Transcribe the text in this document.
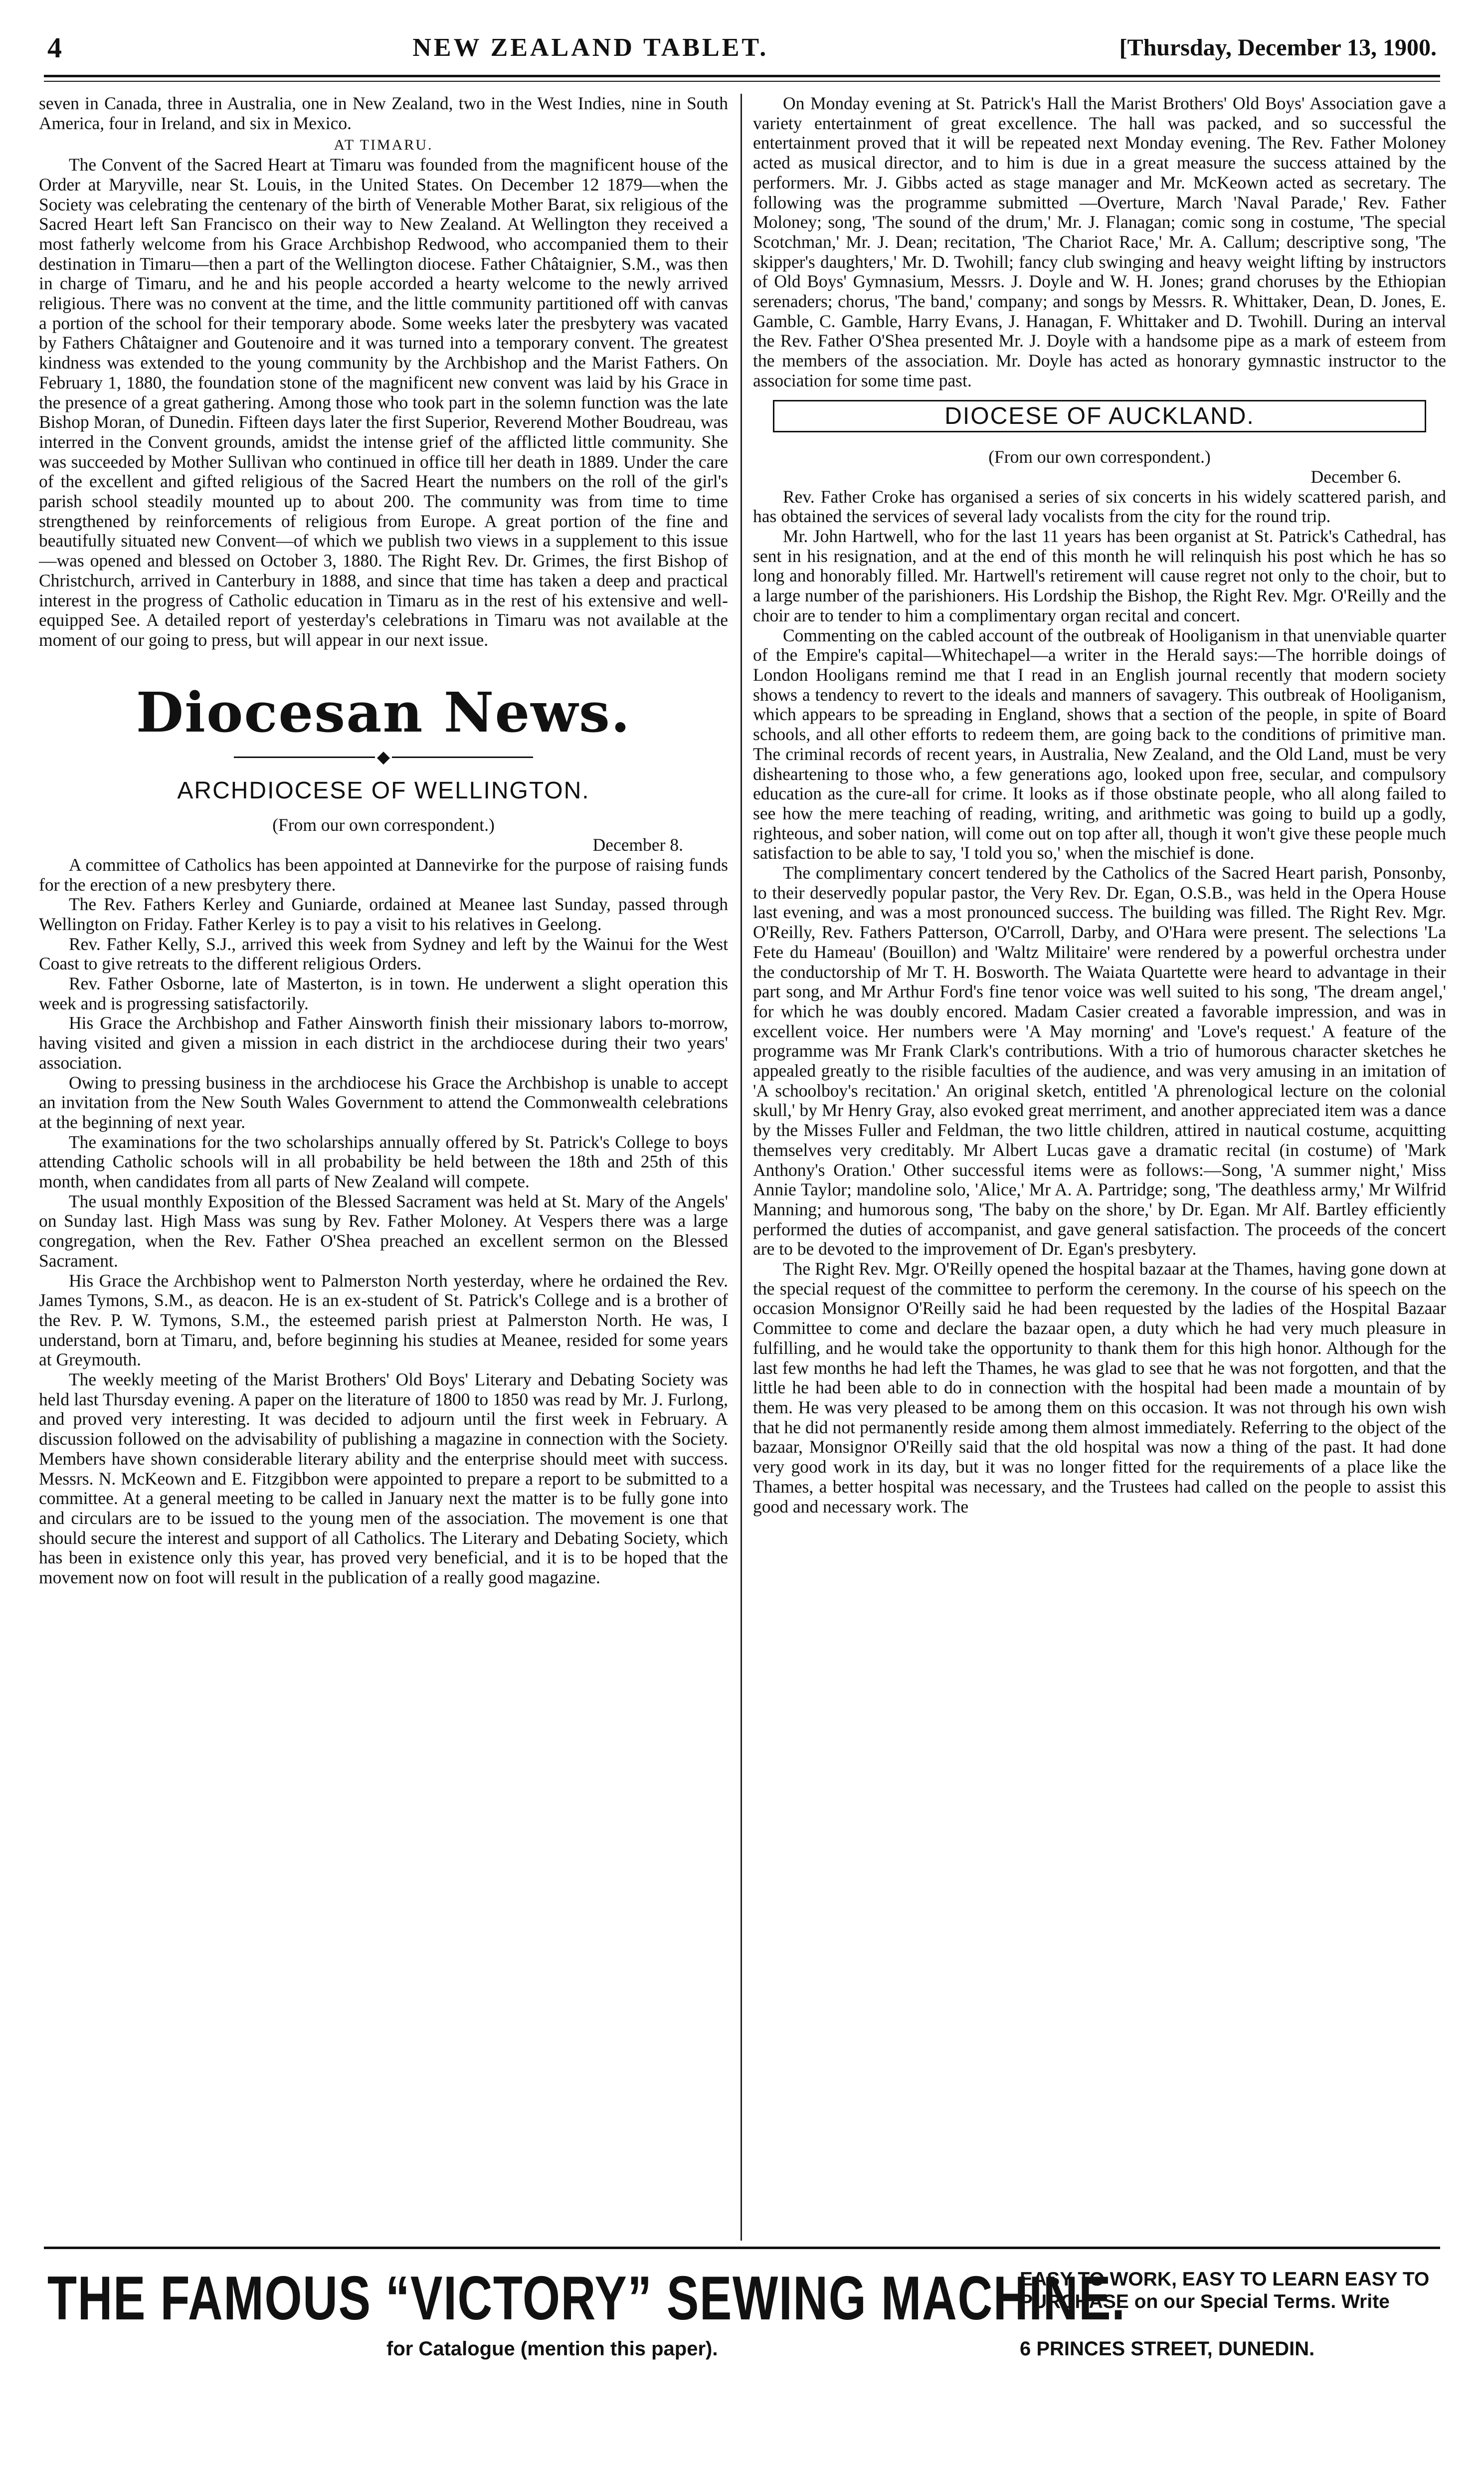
4	NEW ZEALAND TABLET.	[Thursday, December 13, 1900.

seven in Canada, three in Australia, one in New Zealand, two in the West Indies, nine in South America, four in Ireland, and six in Mexico.

AT TIMARU.

The Convent of the Sacred Heart at Timaru was founded from the magnificent house of the Order at Maryville, near St. Louis, in the United States. On December 12 1879—when the Society was celebrating the centenary of the birth of Venerable Mother Barat, six religious of the Sacred Heart left San Francisco on their way to New Zealand. At Wellington they received a most fatherly welcome from his Grace Archbishop Redwood, who accompanied them to their destination in Timaru—then a part of the Wellington diocese. Father Châtaignier, S.M., was then in charge of Timaru, and he and his people accorded a hearty welcome to the newly arrived religious. There was no convent at the time, and the little community partitioned off with canvas a portion of the school for their temporary abode. Some weeks later the presbytery was vacated by Fathers Châtaigner and Goutenoire and it was turned into a temporary convent. The greatest kindness was extended to the young community by the Archbishop and the Marist Fathers. On February 1, 1880, the foundation stone of the magnificent new convent was laid by his Grace in the presence of a great gathering. Among those who took part in the solemn function was the late Bishop Moran, of Dunedin. Fifteen days later the first Superior, Reverend Mother Boudreau, was interred in the Convent grounds, amidst the intense grief of the afflicted little community. She was succeeded by Mother Sullivan who continued in office till her death in 1889. Under the care of the excellent and gifted religious of the Sacred Heart the numbers on the roll of the girl's parish school steadily mounted up to about 200. The community was from time to time strengthened by reinforcements of religious from Europe. A great portion of the fine and beautifully situated new Convent—of which we publish two views in a supplement to this issue—was opened and blessed on October 3, 1880. The Right Rev. Dr. Grimes, the first Bishop of Christchurch, arrived in Canterbury in 1888, and since that time has taken a deep and practical interest in the progress of Catholic education in Timaru as in the rest of his extensive and well-equipped See. A detailed report of yesterday's celebrations in Timaru was not available at the moment of our going to press, but will appear in our next issue.

Diocesan News.
◆
ARCHDIOCESE OF WELLINGTON.
(From our own correspondent.)
December 8.

A committee of Catholics has been appointed at Dannevirke for the purpose of raising funds for the erection of a new presbytery there.

The Rev. Fathers Kerley and Guniarde, ordained at Meanee last Sunday, passed through Wellington on Friday. Father Kerley is to pay a visit to his relatives in Geelong.

Rev. Father Kelly, S.J., arrived this week from Sydney and left by the Wainui for the West Coast to give retreats to the different religious Orders.

Rev. Father Osborne, late of Masterton, is in town. He underwent a slight operation this week and is progressing satisfactorily.

His Grace the Archbishop and Father Ainsworth finish their missionary labors to-morrow, having visited and given a mission in each district in the archdiocese during their two years' association.

Owing to pressing business in the archdiocese his Grace the Archbishop is unable to accept an invitation from the New South Wales Government to attend the Commonwealth celebrations at the beginning of next year.

The examinations for the two scholarships annually offered by St. Patrick's College to boys attending Catholic schools will in all probability be held between the 18th and 25th of this month, when candidates from all parts of New Zealand will compete.

The usual monthly Exposition of the Blessed Sacrament was held at St. Mary of the Angels' on Sunday last. High Mass was sung by Rev. Father Moloney. At Vespers there was a large congregation, when the Rev. Father O'Shea preached an excellent sermon on the Blessed Sacrament.

His Grace the Archbishop went to Palmerston North yesterday, where he ordained the Rev. James Tymons, S.M., as deacon. He is an ex-student of St. Patrick's College and is a brother of the Rev. P. W. Tymons, S.M., the esteemed parish priest at Palmerston North. He was, I understand, born at Timaru, and, before beginning his studies at Meanee, resided for some years at Greymouth.

The weekly meeting of the Marist Brothers' Old Boys' Literary and Debating Society was held last Thursday evening. A paper on the literature of 1800 to 1850 was read by Mr. J. Furlong, and proved very interesting. It was decided to adjourn until the first week in February. A discussion followed on the advisability of publishing a magazine in connection with the Society. Members have shown considerable literary ability and the enterprise should meet with success. Messrs. N. McKeown and E. Fitzgibbon were appointed to prepare a report to be submitted to a committee. At a general meeting to be called in January next the matter is to be fully gone into and circulars are to be issued to the young men of the association. The movement is one that should secure the interest and support of all Catholics. The Literary and Debating Society, which has been in existence only this year, has proved very beneficial, and it is to be hoped that the movement now on foot will result in the publication of a really good magazine.

On Monday evening at St. Patrick's Hall the Marist Brothers' Old Boys' Association gave a variety entertainment of great excellence. The hall was packed, and so successful the entertainment proved that it will be repeated next Monday evening. The Rev. Father Moloney acted as musical director, and to him is due in a great measure the success attained by the performers. Mr. J. Gibbs acted as stage manager and Mr. McKeown acted as secretary. The following was the programme submitted —Overture, March 'Naval Parade,' Rev. Father Moloney; song, 'The sound of the drum,' Mr. J. Flanagan; comic song in costume, 'The special Scotchman,' Mr. J. Dean; recitation, 'The Chariot Race,' Mr. A. Callum; descriptive song, 'The skipper's daughters,' Mr. D. Twohill; fancy club swinging and heavy weight lifting by instructors of Old Boys' Gymnasium, Messrs. J. Doyle and W. H. Jones; grand choruses by the Ethiopian serenaders; chorus, 'The band,' company; and songs by Messrs. R. Whittaker, Dean, D. Jones, E. Gamble, C. Gamble, Harry Evans, J. Hanagan, F. Whittaker and D. Twohill. During an interval the Rev. Father O'Shea presented Mr. J. Doyle with a handsome pipe as a mark of esteem from the members of the association. Mr. Doyle has acted as honorary gymnastic instructor to the association for some time past.

DIOCESE OF AUCKLAND.
(From our own correspondent.)
December 6.

Rev. Father Croke has organised a series of six concerts in his widely scattered parish, and has obtained the services of several lady vocalists from the city for the round trip.

Mr. John Hartwell, who for the last 11 years has been organist at St. Patrick's Cathedral, has sent in his resignation, and at the end of this month he will relinquish his post which he has so long and honorably filled. Mr. Hartwell's retirement will cause regret not only to the choir, but to a large number of the parishioners. His Lordship the Bishop, the Right Rev. Mgr. O'Reilly and the choir are to tender to him a complimentary organ recital and concert.

Commenting on the cabled account of the outbreak of Hooliganism in that unenviable quarter of the Empire's capital—Whitechapel—a writer in the Herald says:—The horrible doings of London Hooligans remind me that I read in an English journal recently that modern society shows a tendency to revert to the ideals and manners of savagery. This outbreak of Hooliganism, which appears to be spreading in England, shows that a section of the people, in spite of Board schools, and all other efforts to redeem them, are going back to the conditions of primitive man. The criminal records of recent years, in Australia, New Zealand, and the Old Land, must be very disheartening to those who, a few generations ago, looked upon free, secular, and compulsory education as the cure-all for crime. It looks as if those obstinate people, who all along failed to see how the mere teaching of reading, writing, and arithmetic was going to build up a godly, righteous, and sober nation, will come out on top after all, though it won't give these people much satisfaction to be able to say, 'I told you so,' when the mischief is done.

The complimentary concert tendered by the Catholics of the Sacred Heart parish, Ponsonby, to their deservedly popular pastor, the Very Rev. Dr. Egan, O.S.B., was held in the Opera House last evening, and was a most pronounced success. The building was filled. The Right Rev. Mgr. O'Reilly, Rev. Fathers Patterson, O'Carroll, Darby, and O'Hara were present. The selections 'La Fete du Hameau' (Bouillon) and 'Waltz Militaire' were rendered by a powerful orchestra under the conductorship of Mr T. H. Bosworth. The Waiata Quartette were heard to advantage in their part song, and Mr Arthur Ford's fine tenor voice was well suited to his song, 'The dream angel,' for which he was doubly encored. Madam Casier created a favorable impression, and was in excellent voice. Her numbers were 'A May morning' and 'Love's request.' A feature of the programme was Mr Frank Clark's contributions. With a trio of humorous character sketches he appealed greatly to the risible faculties of the audience, and was very amusing in an imitation of 'A schoolboy's recitation.' An original sketch, entitled 'A phrenological lecture on the colonial skull,' by Mr Henry Gray, also evoked great merriment, and another appreciated item was a dance by the Misses Fuller and Feldman, the two little children, attired in nautical costume, acquitting themselves very creditably. Mr Albert Lucas gave a dramatic recital (in costume) of 'Mark Anthony's Oration.' Other successful items were as follows:—Song, 'A summer night,' Miss Annie Taylor; mandoline solo, 'Alice,' Mr A. A. Partridge; song, 'The deathless army,' Mr Wilfrid Manning; and humorous song, 'The baby on the shore,' by Dr. Egan. Mr Alf. Bartley efficiently performed the duties of accompanist, and gave general satisfaction. The proceeds of the concert are to be devoted to the improvement of Dr. Egan's presbytery.

The Right Rev. Mgr. O'Reilly opened the hospital bazaar at the Thames, having gone down at the special request of the committee to perform the ceremony. In the course of his speech on the occasion Monsignor O'Reilly said he had been requested by the ladies of the Hospital Bazaar Committee to come and declare the bazaar open, a duty which he had very much pleasure in fulfilling, and he would take the opportunity to thank them for this high honor. Although for the last few months he had left the Thames, he was glad to see that he was not forgotten, and that the little he had been able to do in connection with the hospital had been made a mountain of by them. He was very pleased to be among them on this occasion. It was not through his own wish that he did not permanently reside among them almost immediately. Referring to the object of the bazaar, Monsignor O'Reilly said that the old hospital was now a thing of the past. It had done very good work in its day, but it was no longer fitted for the requirements of a place like the Thames, a better hospital was necessary, and the Trustees had called on the people to assist this good and necessary work. The

THE FAMOUS “VICTORY” SEWING MACHINE.
EASY TO WORK, EASY TO LEARN EASY TO PURCHASE on our Special Terms. Write
for Catalogue (mention this paper).	6 PRINCES STREET, DUNEDIN.
